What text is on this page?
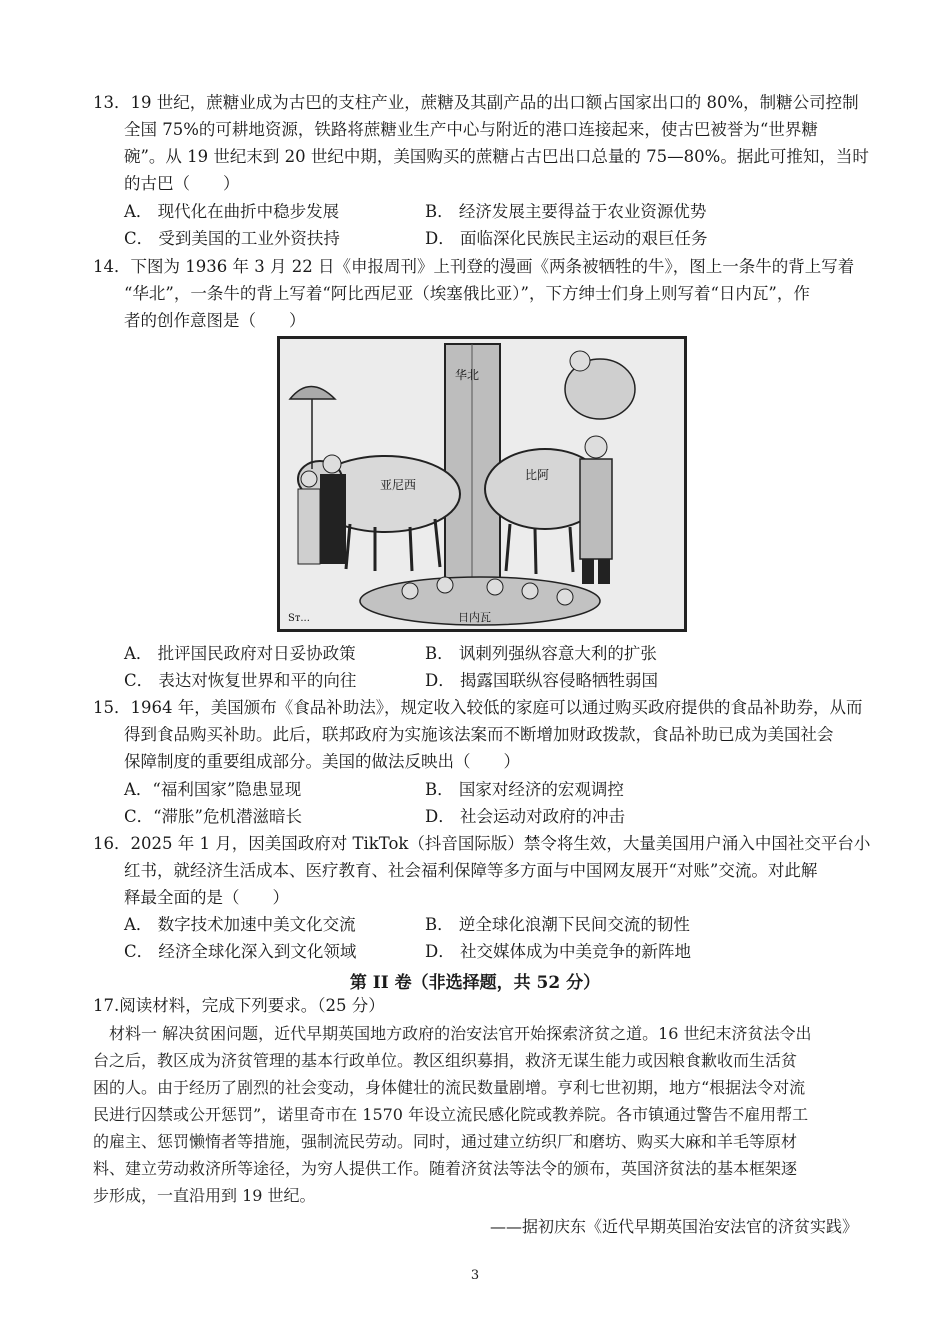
13．19 世纪，蔗糖业成为古巴的支柱产业，蔗糖及其副产品的出口额占国家出口的 80%，制糖公司控制
全国 75%的可耕地资源，铁路将蔗糖业生产中心与附近的港口连接起来，使古巴被誉为“世界糖
碗”。从 19 世纪末到 20 世纪中期，美国购买的蔗糖占古巴出口总量的 75—80%。据此可推知，当时
的古巴（　　）
A． 现代化在曲折中稳步发展	B． 经济发展主要得益于农业资源优势
C． 受到美国的工业外资扶持	D． 面临深化民族民主运动的艰巨任务
14．下图为 1936 年 3 月 22 日《申报周刊》上刊登的漫画《两条被牺牲的牛》，图上一条牛的背上写着
“华北”，一条牛的背上写着“阿比西尼亚（埃塞俄比亚）”，下方绅士们身上则写着“日内瓦”，作
者的创作意图是（　　）
华北
亚尼西
比阿
日内瓦
Sт...
A． 批评国民政府对日妥协政策	B． 讽刺列强纵容意大利的扩张
C． 表达对恢复世界和平的向往	D． 揭露国联纵容侵略牺牲弱国
15．1964 年，美国颁布《食品补助法》，规定收入较低的家庭可以通过购买政府提供的食品补助券，从而
得到食品购买补助。此后，联邦政府为实施该法案而不断增加财政拨款，食品补助已成为美国社会
保障制度的重要组成部分。美国的做法反映出（　　）
A．“福利国家”隐患显现	B． 国家对经济的宏观调控
C．“滞胀”危机潜滋暗长	D． 社会运动对政府的冲击
16．2025 年 1 月，因美国政府对 TikTok（抖音国际版）禁令将生效，大量美国用户涌入中国社交平台小
红书，就经济生活成本、医疗教育、社会福利保障等多方面与中国网友展开“对账”交流。对此解
释最全面的是（　　）
A． 数字技术加速中美文化交流	B． 逆全球化浪潮下民间交流的韧性
C． 经济全球化深入到文化领域	D． 社交媒体成为中美竞争的新阵地
第 II 卷（非选择题，共 52 分）
17.阅读材料，完成下列要求。（25 分）
　材料一 解决贫困问题，近代早期英国地方政府的治安法官开始探索济贫之道。16 世纪末济贫法令出
台之后，教区成为济贫管理的基本行政单位。教区组织募捐，救济无谋生能力或因粮食歉收而生活贫
困的人。由于经历了剧烈的社会变动，身体健壮的流民数量剧增。亨利七世初期，地方“根据法令对流
民进行囚禁或公开惩罚”，诺里奇市在 1570 年设立流民感化院或教养院。各市镇通过警告不雇用帮工
的雇主、惩罚懒惰者等措施，强制流民劳动。同时，通过建立纺织厂和磨坊、购买大麻和羊毛等原材
料、建立劳动救济所等途径，为穷人提供工作。随着济贫法等法令的颁布，英国济贫法的基本框架逐
步形成，一直沿用到 19 世纪。
——据初庆东《近代早期英国治安法官的济贫实践》
3
